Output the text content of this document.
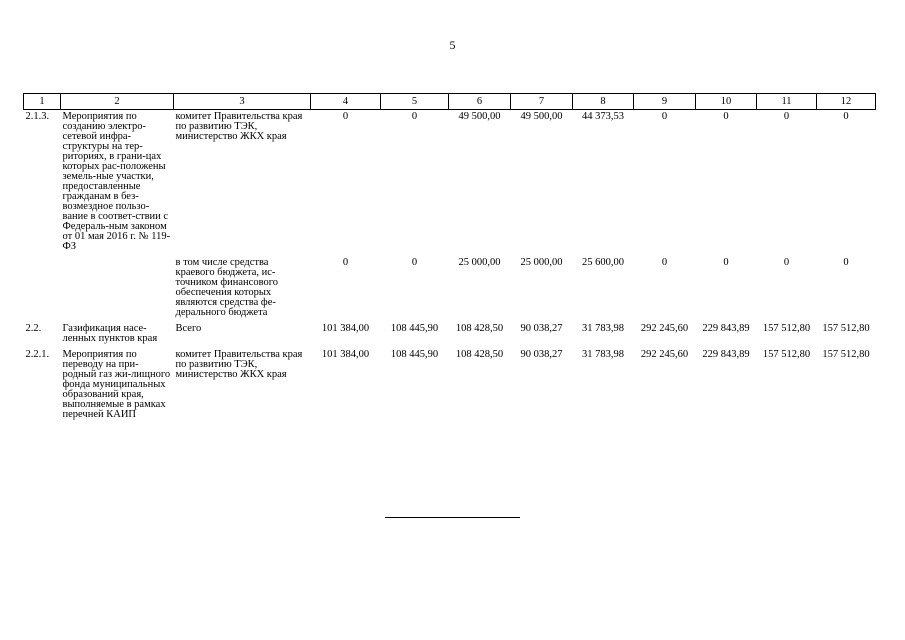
5
1	2	3	4	5	6	7	8	9	10	11	12
2.1.3.	Мероприятия по созданию электро-сетевой инфра-структуры на тер-риториях, в грани-цах которых рас-положены земель-ные участки, предоставленные гражданам в без-возмездное пользо-вание в соответ-ствии с Федераль-ным законом от 01 мая 2016 г. № 119-ФЗ	комитет Правительства края по развитию ТЭК, министерство ЖКХ края	0	0	49 500,00	49 500,00	44 373,53	0	0	0	0
		в том числе средства краевого бюджета, ис-точником финансового обеспечения которых являются средства фе-дерального бюджета	0	0	25 000,00	25 000,00	25 600,00	0	0	0	0
2.2.	Газификация насе-ленных пунктов края	Всего	101 384,00	108 445,90	108 428,50	90 038,27	31 783,98	292 245,60	229 843,89	157 512,80	157 512,80
2.2.1.	Мероприятия по переводу на при-родный газ жи-лищного фонда муниципальных образований края, выполняемые в рамках перечней КАИП	комитет Правительства края по развитию ТЭК, министерство ЖКХ края	101 384,00	108 445,90	108 428,50	90 038,27	31 783,98	292 245,60	229 843,89	157 512,80	157 512,80
